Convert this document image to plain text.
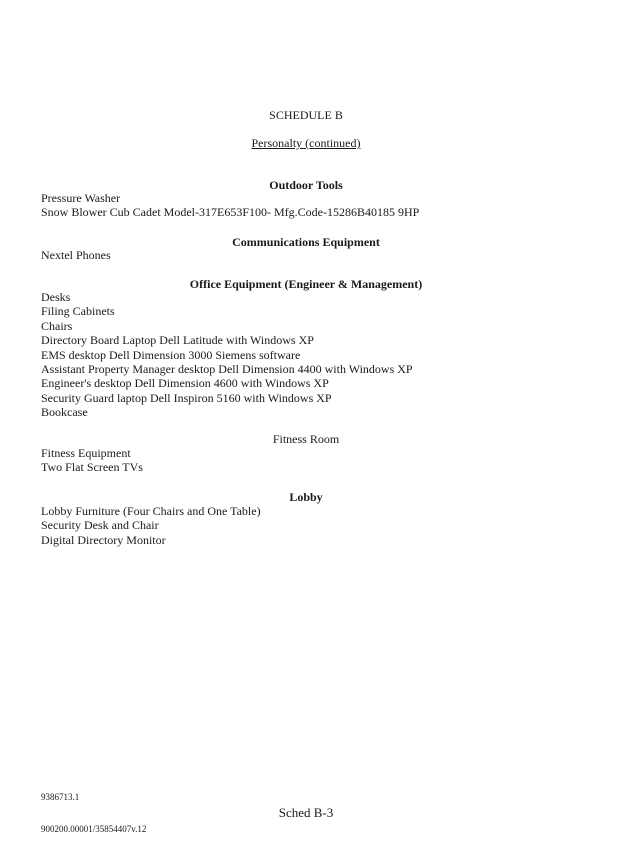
SCHEDULE B
Personalty (continued)
Outdoor Tools
Pressure Washer
Snow Blower Cub Cadet Model-317E653F100- Mfg.Code-15286B40185 9HP
Communications Equipment
Nextel Phones
Office Equipment (Engineer & Management)
Desks
Filing Cabinets
Chairs
Directory Board Laptop Dell Latitude with Windows XP
EMS desktop Dell Dimension 3000 Siemens software
Assistant Property Manager desktop Dell Dimension 4400 with Windows XP
Engineer's desktop Dell Dimension 4600 with Windows XP
Security Guard laptop Dell Inspiron 5160 with Windows XP
Bookcase
Fitness Room
Fitness Equipment
Two Flat Screen TVs
Lobby
Lobby Furniture (Four Chairs and One Table)
Security Desk and Chair
Digital Directory Monitor
9386713.1
Sched B-3
900200.00001/35854407v.12
